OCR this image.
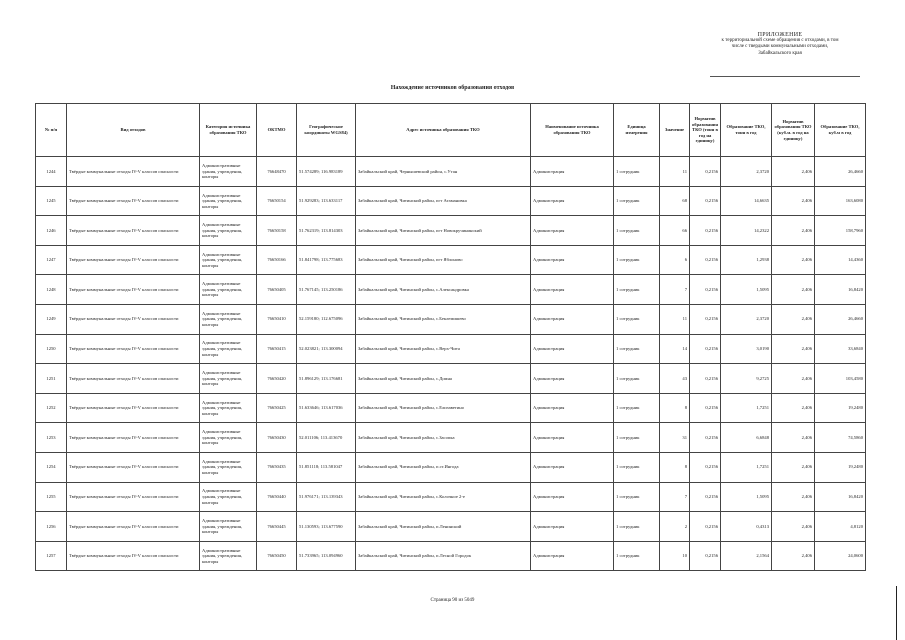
ПРИЛОЖЕНИЕ
к территориальной схеме обращения с отходами, в том
числе с твердыми коммунальными отходами,
Забайкальского края
Нахождение источников образования отходов
№ п/п	Вид отходов	Категория источника образования ТКО	ОКТМО	Географические координаты WGS84)	Адрес источника образования ТКО	Наименование источника образования ТКО	Единица измерения	Значение	Норматив образования ТКО (тонн в год на единицу)	Образование ТКО, тонн в год	Норматив образования ТКО (куб.м. в год на единицу)	Образование ТКО, куб.м в год
1244	Твёрдые коммунальные отходы IV-V классов опасности	Административные здания, учреждения, конторы	76648470	51.574289; 116.983189	Забайкальский край, Чернышевский район, с.Утан	Администрация	1 сотрудник	11	0,2156	2,3720	2,406	26,4660
1245	Твёрдые коммунальные отходы IV-V классов опасности	Административные здания, учреждения, конторы	76650154	51.929283; 113.633117	Забайкальский край, Читинский район, пгт Атамановка	Администрация	1 сотрудник	68	0,2156	14,6635	2,406	163,6080
1246	Твёрдые коммунальные отходы IV-V классов опасности	Администратнвные здания, учреждения, конторы	76650158	51.762319; 113.814303	Забайкальский край, Читинский район, пгт Новокручининский	Администрация	1 сотрудник	66	0,2156	14,2322	2,406	158,7960
1247	Твёрдые коммунальные отходы IV-V классов опасности	Административные здания, учреждения, конторы	76650166	51.841798; 113.775683	Забайкальский край, Читинский район, пгт Яблоново	Администрация	1 сотрудник	6	0,2156	1,2938	2,406	14,4360
1248	Твёрдые коммунальные отходы IV-V классов опасности	Административные здания, учреждения, конторы	76650405	51.767145; 113.250186	Забайкальский край, Читинский район, с.Александровка	Администрация	1 сотрудник	7	0,2156	1,5095	2,406	16,8420
1249	Твёрдые коммунальные отходы IV-V классов опасности	Административные здания, учреждения, конторы	76650410	52.159180; 112.675096	Забайкальский край, Читинский район, с.Беклемишево	Администрация	1 сотрудник	11	0,2156	2,3720	2,406	26,4660
1250	Твёрдые коммунальные отходы IV-V классов опасности	Административные здания, учреждения, конторы	76650415	52.023821; 113.300094	Забайкальский край, Читинский район, с.Верх-Чита	Администрация	1 сотрудник	14	0,2156	3,0190	2,406	33,6840
1251	Твёрдые коммунальные отходы IV-V классов опасности	Административные здания, учреждения, конторы	76650420	51.896129; 113.176681	Забайкальский край, Читинский район, с.Домна	Администрация	1 сотрудник	43	0,2156	9,2725	2,406	103,4580
1252	Твёрдые коммунальные отходы IV-V классов опасности	Административные здания, учреждения, конторы	76650425	51.633646; 113.617036	Забайкальский край, Читинский район, с.Елизаветино	Администрация	1 сотрудник	8	0,2156	1,7251	2,406	19,2480
1253	Твёрдые коммунальные отходы IV-V классов опасности	Административные здания, учреждения, конторы	76650430	52.011106; 113.413670	Забайкальский край, Читинский район, с.Засопка	Администрация	1 сотрудник	31	0,2156	6,6848	2,406	74,5860
1254	Твёрдые коммунальные отходы IV-V классов опасности	Административные здания, учреждения, конторы	76650435	51.851118; 113.581047	Забайкальский край, Читинский район, п.ст.Ингода	Администрация	1 сотрудник	8	0,2156	1,7251	2,406	19,2480
1255	Твёрдые коммунальные отходы IV-V классов опасности	Административные здания, учреждения, конторы	76650440	51.976171; 113.139343	Забайкальский край, Читинский район, с.Колочное 2-е	Администрация	1 сотрудник	7	0,2156	1,5095	2,406	16,8420
1256	Твёрдые коммунальные отходы IV-V классов опасности	Административные здания, учреждения, конторы	76650445	51.130593; 113.677590	Забайкальский край, Читинский район, п.Ленинский	Администрация	1 сотрудник	2	0,2156	0,4313	2,406	4,8120
1257	Твёрдые коммунальные отходы IV-V классов опасности	Административные здания, учреждения, конторы	76650450	51.733965; 113.094960	Забайкальский край, Читинский район, п.Лесной Городок	Администрация	1 сотрудник	10	0,2156	2,1564	2,406	24,0600
Страница 90 из 5049
